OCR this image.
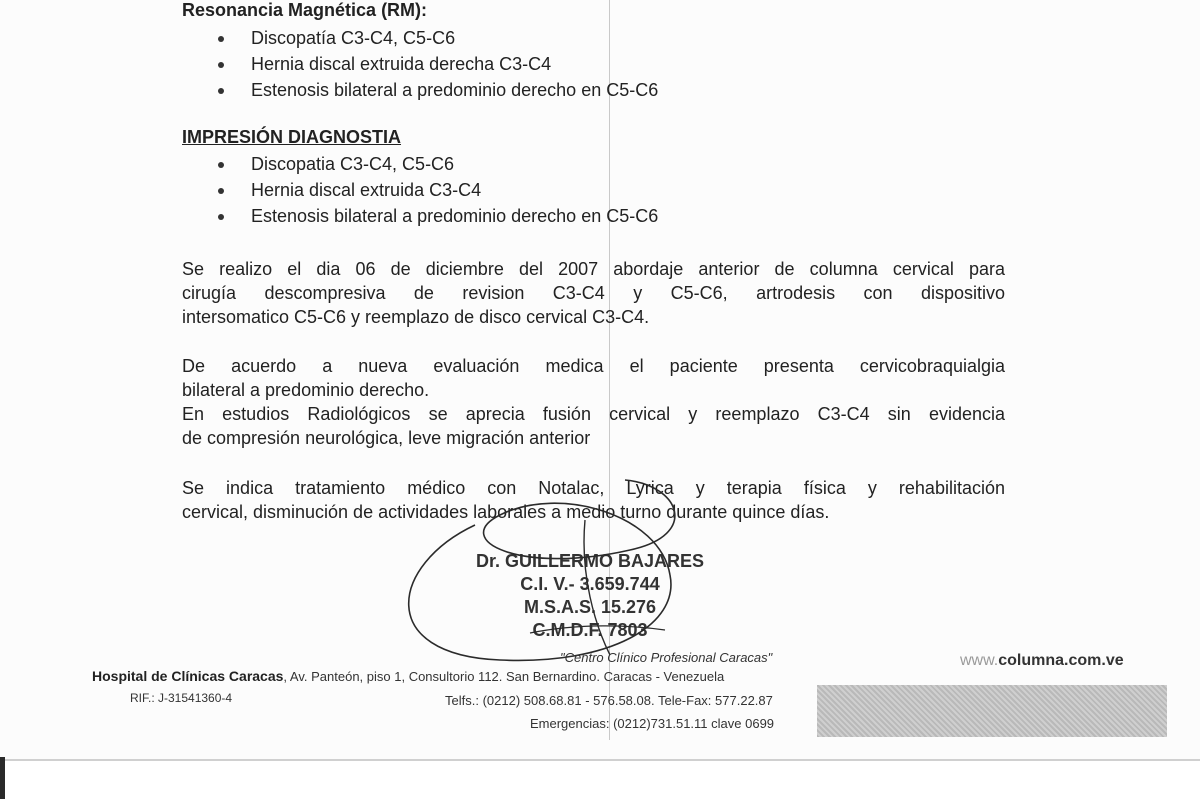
Resonancia Magnética (RM):
Discopatía C3-C4, C5-C6
Hernia discal extruida derecha C3-C4
Estenosis bilateral a predominio derecho en C5-C6
IMPRESIÓN DIAGNOSTIA
Discopatia C3-C4, C5-C6
Hernia discal extruida C3-C4
Estenosis bilateral a predominio derecho en C5-C6
Se realizo el dia 06 de diciembre del 2007 abordaje anterior de columna cervical para
cirugía descompresiva de revision C3-C4 y C5-C6, artrodesis con dispositivo
intersomatico C5-C6 y reemplazo de disco cervical C3-C4.
De acuerdo a nueva evaluación medica el paciente presenta cervicobraquialgia
bilateral a predominio derecho.
En estudios Radiológicos se aprecia fusión cervical y reemplazo C3-C4 sin evidencia
de compresión neurológica, leve migración anterior
Se indica tratamiento médico con Notalac, Lyrica y terapia física y rehabilitación
cervical, disminución de actividades laborales a medio turno durante quince días.
Dr. GUILLERMO BAJARES
C.I. V.- 3.659.744
M.S.A.S. 15.276
C.M.D.F. 7803
"Centro Clínico Profesional Caracas"
Hospital de Clínicas Caracas, Av. Panteón, piso 1, Consultorio 112. San Bernardino. Caracas - Venezuela
RIF.: J-31541360-4	Telfs.: (0212) 508.68.81 - 576.58.08. Tele-Fax: 577.22.87
Emergencias: (0212)731.51.11 clave 0699
www.columna.com.ve
